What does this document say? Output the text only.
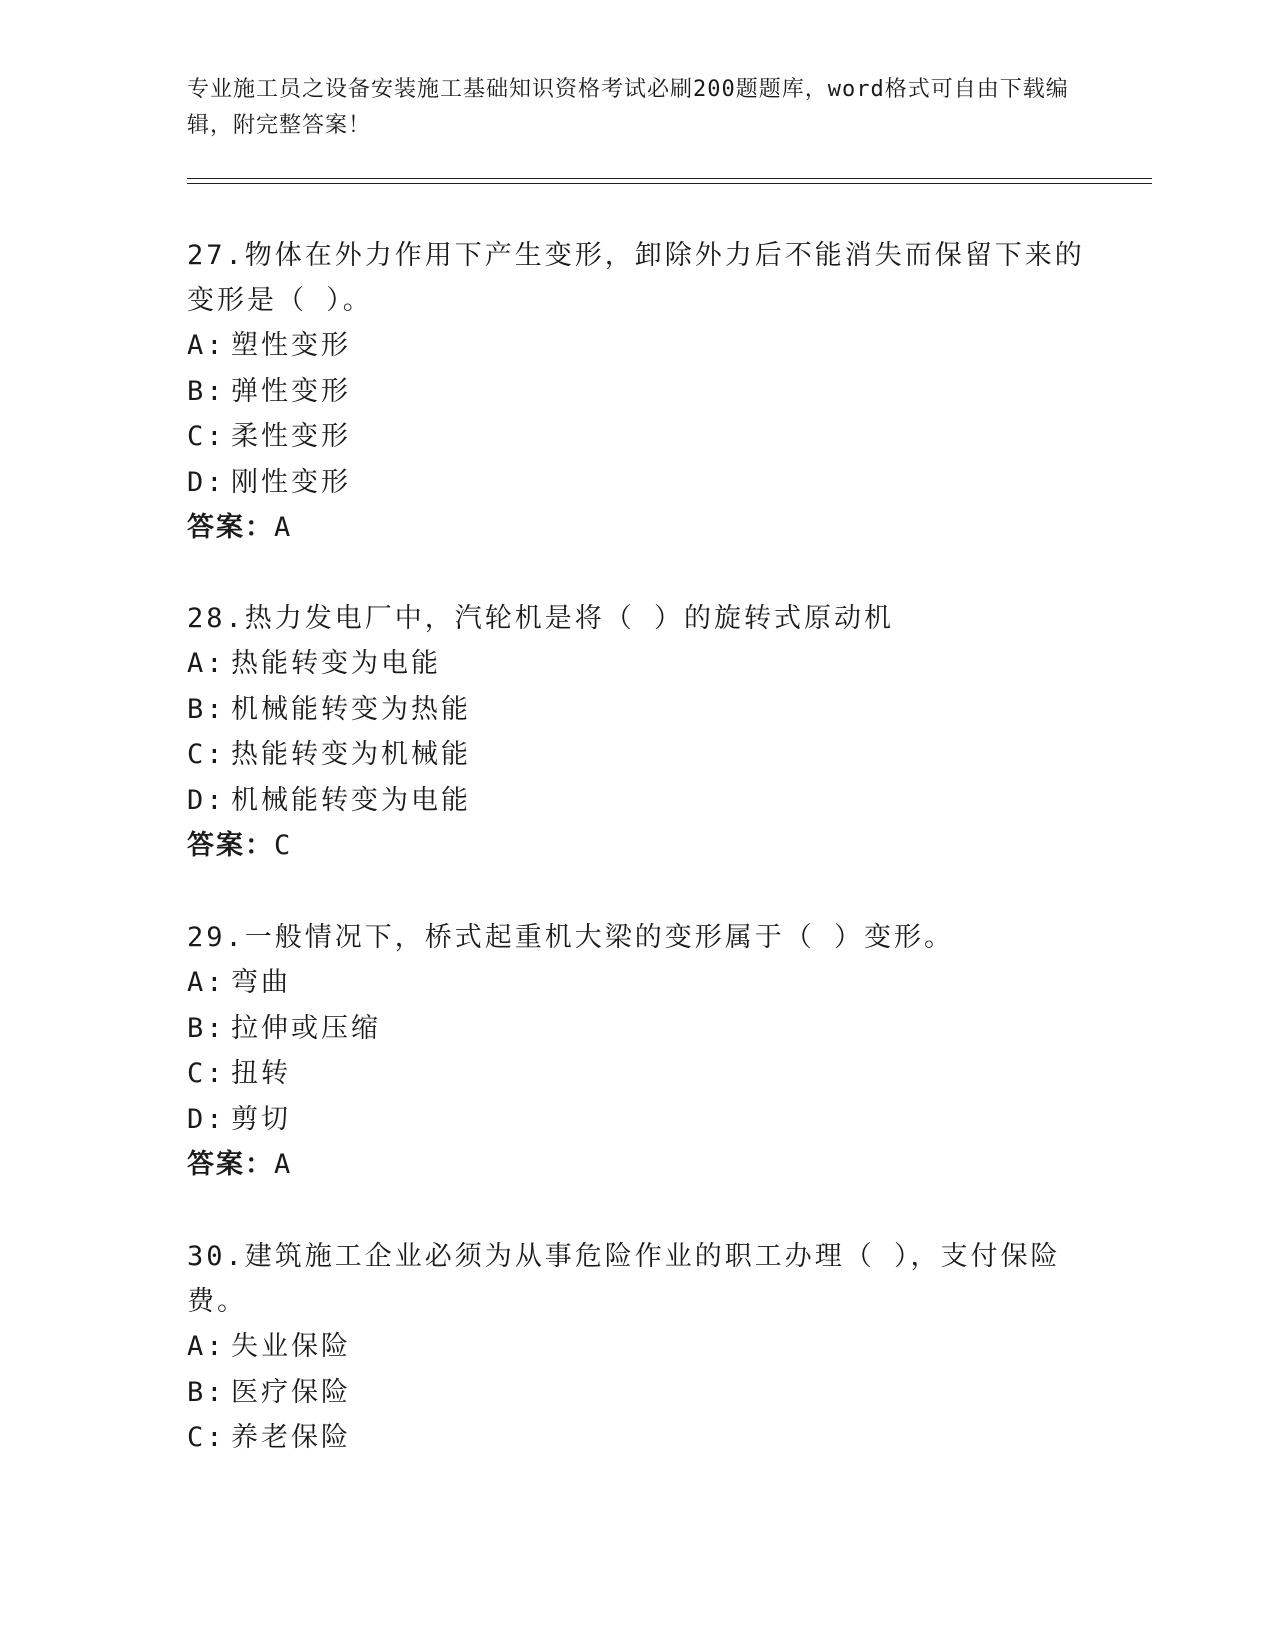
专业施工员之设备安装施工基础知识资格考试必刷200题题库，word格式可自由下载编辑，附完整答案！
27.物体在外力作用下产生变形，卸除外力后不能消失而保留下来的变形是（ ）。
A: 塑性变形
B: 弹性变形
C: 柔性变形
D: 刚性变形
答案：A
28.热力发电厂中，汽轮机是将（ ）的旋转式原动机
A: 热能转变为电能
B: 机械能转变为热能
C: 热能转变为机械能
D: 机械能转变为电能
答案：C
29.一般情况下，桥式起重机大梁的变形属于（ ）变形。
A: 弯曲
B: 拉伸或压缩
C: 扭转
D: 剪切
答案：A
30.建筑施工企业必须为从事危险作业的职工办理（ ），支付保险费。
A: 失业保险
B: 医疗保险
C: 养老保险
